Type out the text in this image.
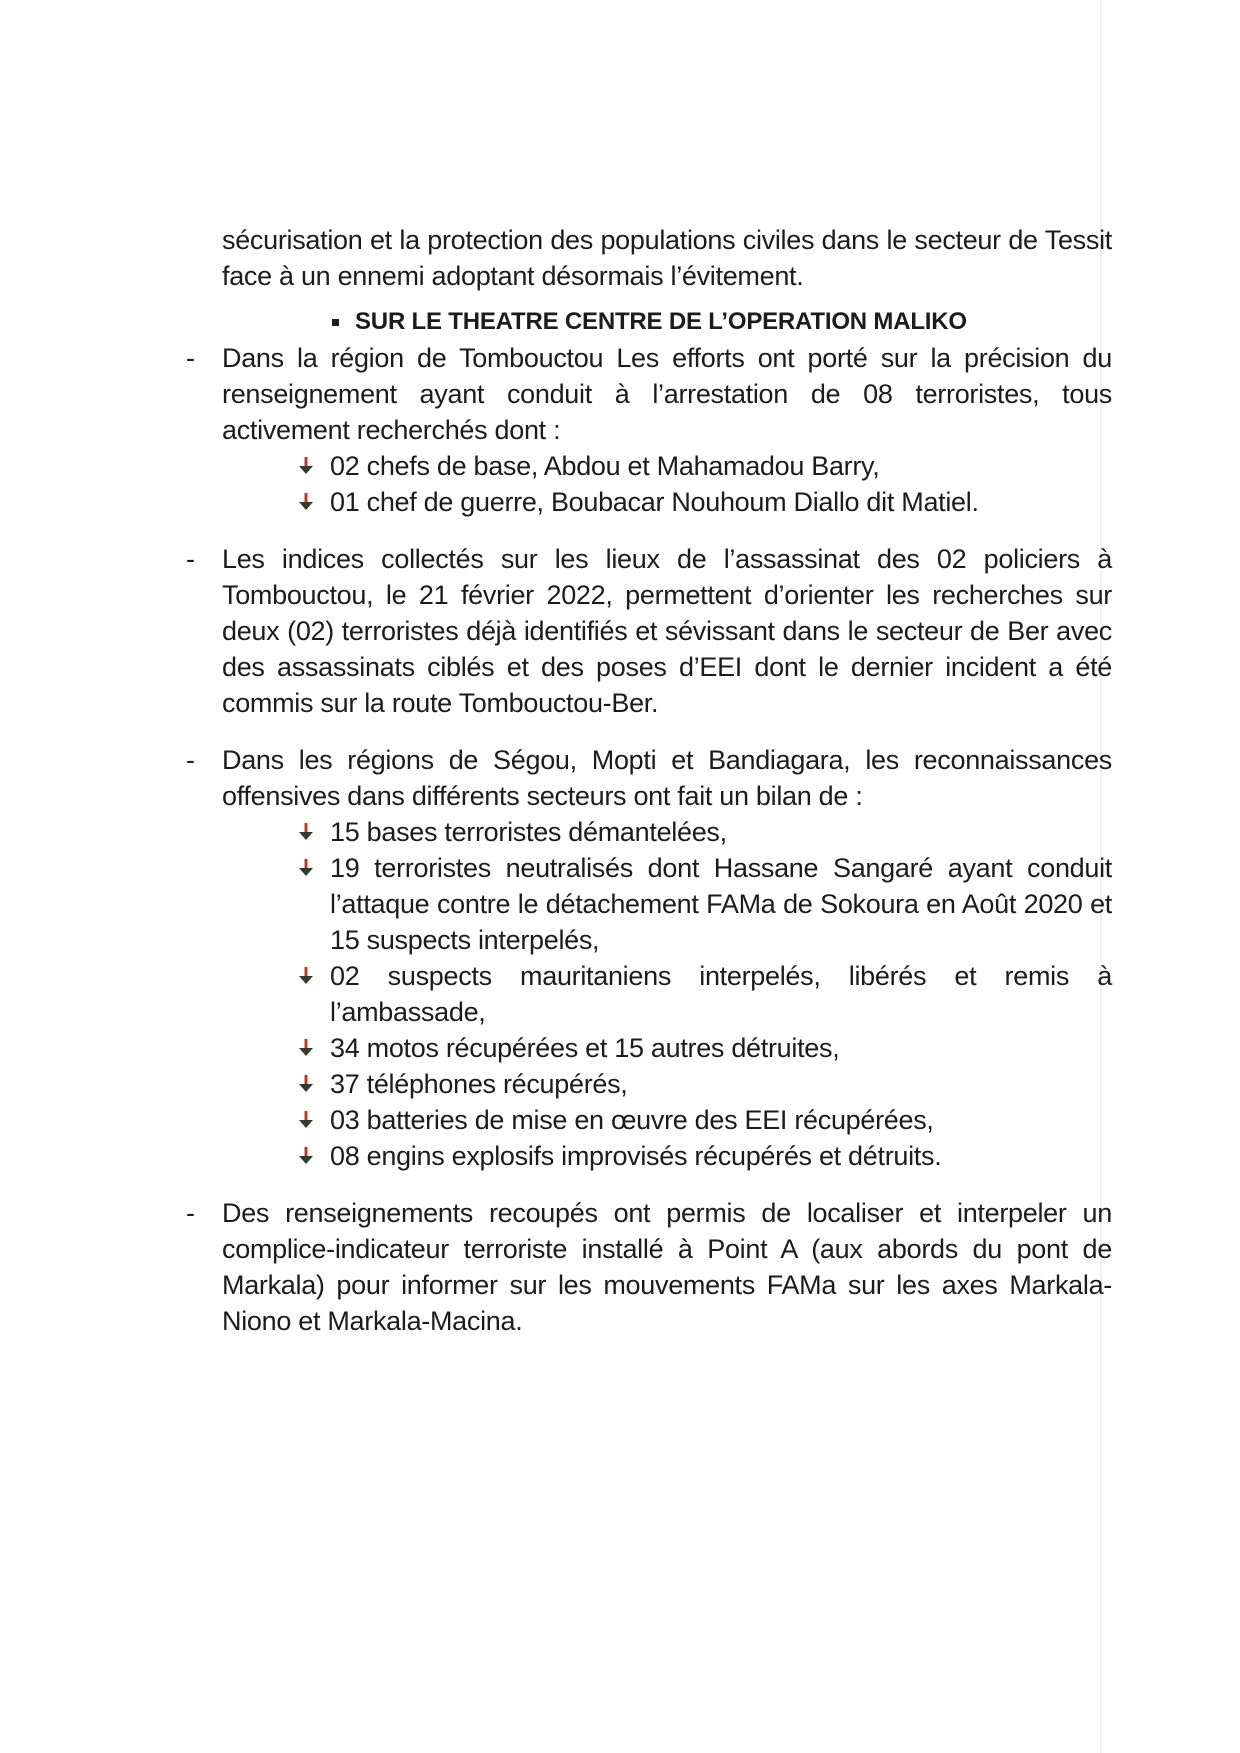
sécurisation et la protection des populations civiles dans le secteur de Tessit face à un ennemi adoptant désormais l’évitement.

SUR LE THEATRE CENTRE DE L’OPERATION MALIKO
- Dans la région de Tombouctou Les efforts ont porté sur la précision du renseignement ayant conduit à l’arrestation de 08 terroristes, tous activement recherchés dont :
02 chefs de base, Abdou et Mahamadou Barry,
01 chef de guerre, Boubacar Nouhoum Diallo dit Matiel.
- Les indices collectés sur les lieux de l’assassinat des 02 policiers à Tombouctou, le 21 février 2022, permettent d’orienter les recherches sur deux (02) terroristes déjà identifiés et sévissant dans le secteur de Ber avec des assassinats ciblés et des poses d’EEI dont le dernier incident a été commis sur la route Tombouctou-Ber.
- Dans les régions de Ségou, Mopti et Bandiagara, les reconnaissances offensives dans différents secteurs ont fait un bilan de :
15 bases terroristes démantelées,
19 terroristes neutralisés dont Hassane Sangaré ayant conduit l’attaque contre le détachement FAMa de Sokoura en Août 2020 et 15 suspects interpelés,
02 suspects mauritaniens interpelés, libérés et remis à l’ambassade,
34 motos récupérées et 15 autres détruites,
37 téléphones récupérés,
03 batteries de mise en œuvre des EEI récupérées,
08 engins explosifs improvisés récupérés et détruits.
- Des renseignements recoupés ont permis de localiser et interpeler un complice-indicateur terroriste installé à Point A (aux abords du pont de Markala) pour informer sur les mouvements FAMa sur les axes Markala-Niono et Markala-Macina.
